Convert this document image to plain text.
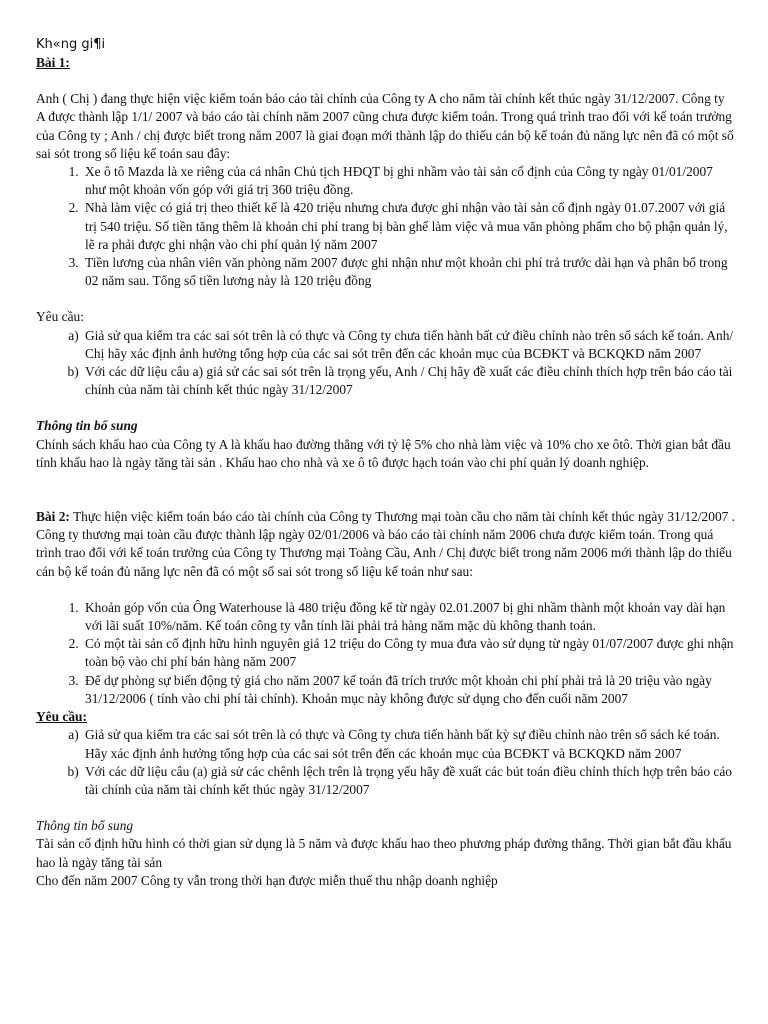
Kh«ng gi¶i

Bài 1:

Anh ( Chị ) đang thực hiện việc kiểm toán báo cáo tài chính của Công ty A cho năm tài chính kết thúc ngày 31/12/2007. Công ty A được thành lập 1/1/ 2007 và báo cáo tài chính năm 2007 cũng chưa được kiểm toán. Trong quá trình trao đổi với kế toán trưởng của Công ty ; Anh / chị được biết trong năm 2007 là giai đoạn mới thành lập do thiếu cán bộ kế toán đủ năng lực nên đã có một số sai sót trong số liệu kế toán sau đây:

1. Xe ô tô Mazda là xe riêng của cá nhân Chủ tịch HĐQT bị ghi nhầm vào tài sản cố định của Công ty ngày 01/01/2007 như một khoản vốn góp với giá trị 360 triệu đồng.
2. Nhà làm việc có giá trị theo thiết kế là 420 triệu nhưng chưa được ghi nhận vào tài sản cố định ngày 01.07.2007 với giá trị 540 triệu. Số tiền tăng thêm là khoản chi phí trang bị bàn ghế làm việc và mua văn phòng phẩm cho bộ phận quản lý, lẽ ra phải được ghi nhận vào chi phí quản lý năm 2007
3. Tiền lương của nhân viên văn phòng năm 2007 được ghi nhận như một khoản chi phí trả trước dài hạn và phân bổ trong 02 năm sau. Tổng số tiền lương này là 120 triệu đồng

Yêu cầu:

a. Giả sử qua kiểm tra các sai sót trên là có thực và Công ty chưa tiến hành bất cứ điều chỉnh nào trên sổ sách kế toán. Anh/ Chị hãy xác định ảnh hưởng tổng hợp của các sai sót trên đến các khoản mục của BCĐKT và BCKQKD năm 2007
b. Với các dữ liệu câu a) giả sử các sai sót trên là trọng yếu, Anh / Chị hãy đề xuất các điều chỉnh thích hợp trên báo cáo tài chính của năm tài chính kết thúc ngày 31/12/2007

Thông tin bổ sung

Chính sách khấu hao của Công ty A là khấu hao đường thẳng với tỷ lệ 5% cho nhà làm việc và 10% cho xe ôtô. Thời gian bắt đầu tính khấu hao là ngày tăng tài sản . Khấu hao cho nhà và xe ô tô được hạch toán vào chi phí quản lý doanh nghiệp.

Bài 2: Thực hiện việc kiểm toán báo cáo tài chính của Công ty Thương mại toàn cầu cho năm tài chính kết thúc ngày 31/12/2007 . Công ty thương mại toàn cầu được thành lập ngày 02/01/2006 và báo cáo tài chính năm 2006 chưa được kiểm toán. Trong quá trình trao đổi với kế toán trưởng của Công ty Thương mại Toàng Cầu, Anh / Chị được biết trong năm 2006 mới thành lập do thiếu cán bộ kế toán đủ năng lực nên đã có một số sai sót trong số liệu kế toán như sau:

1. Khoản góp vốn của Ông Waterhouse là 480 triệu đồng kể từ ngày 02.01.2007 bị ghi nhầm thành một khoản vay dài hạn với lãi suất 10%/năm. Kế toán công ty vẫn tính lãi phải trả hàng năm mặc dù không thanh toán.
2. Có một tài sản cố định hữu hình nguyên giá 12 triệu do Công ty mua đưa vào sử dụng từ ngày 01/07/2007 được ghi nhận toàn bộ vào chi phí bán hàng năm 2007
3. Để dự phòng sự biến động tỷ giá cho năm 2007 kế toán đã trích trước một khoản chi phí phải trả là 20 triệu vào ngày 31/12/2006 ( tính vào chi phí tài chính). Khoản mục này không được sử dụng cho đến cuối năm 2007

Yêu cầu:

a. Giả sử qua kiểm tra các sai sót trên là có thực và Công ty chưa tiến hành bất kỳ sự điều chỉnh nào trên sổ sách ké toán. Hãy xác định ảnh hưởng tổng hợp của các sai sót trên đến các khoản mục của BCĐKT và BCKQKD năm 2007
b. Với các dữ liệu câu (a) giả sử các chênh lệch trên là trọng yếu hãy đề xuất các bút toán điều chỉnh thích hợp trên báo cáo tài chính của năm tài chính kết thúc ngày 31/12/2007

Thông tin bổ sung

Tài sản cố định hữu hình có thời gian sử dụng là 5 năm và được khấu hao theo phương pháp đường thẳng. Thời gian bắt đầu khấu hao là ngày tăng tài sản

Cho đến năm 2007 Công ty vẫn trong thời hạn được miễn thuế thu nhập doanh nghiệp
